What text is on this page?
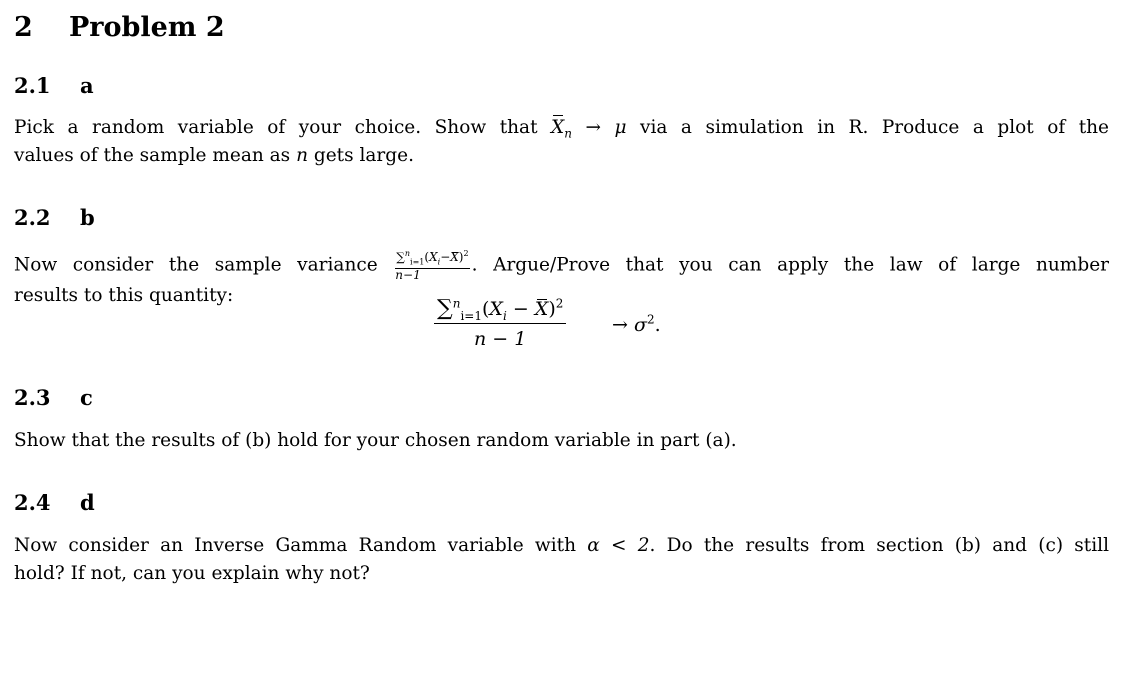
2 Problem 2
2.1 a
Pick a random variable of your choice. Show that $X_n \to \mu$ via a simulation in R. Produce a plot of the
values of the sample mean as n gets large.
2.2 b
Now consider the sample variance $\frac{\sum^n_{i=1}(X_i-X)^2}{n-1}$ . Argue/Prove that you can apply the law of large number
results to this quantity:
$\frac{\sum^n_{i=1}(X_i - X)^2}{n - 1} \to \sigma^2$.
2.3 c
Show that the results of (b) hold for your chosen random variable in part (a).
2.4 d
Now consider an Inverse Gamma Random variable with α < 2. Do the results from section (b) and (c) still
hold? If not, can you explain why not?
